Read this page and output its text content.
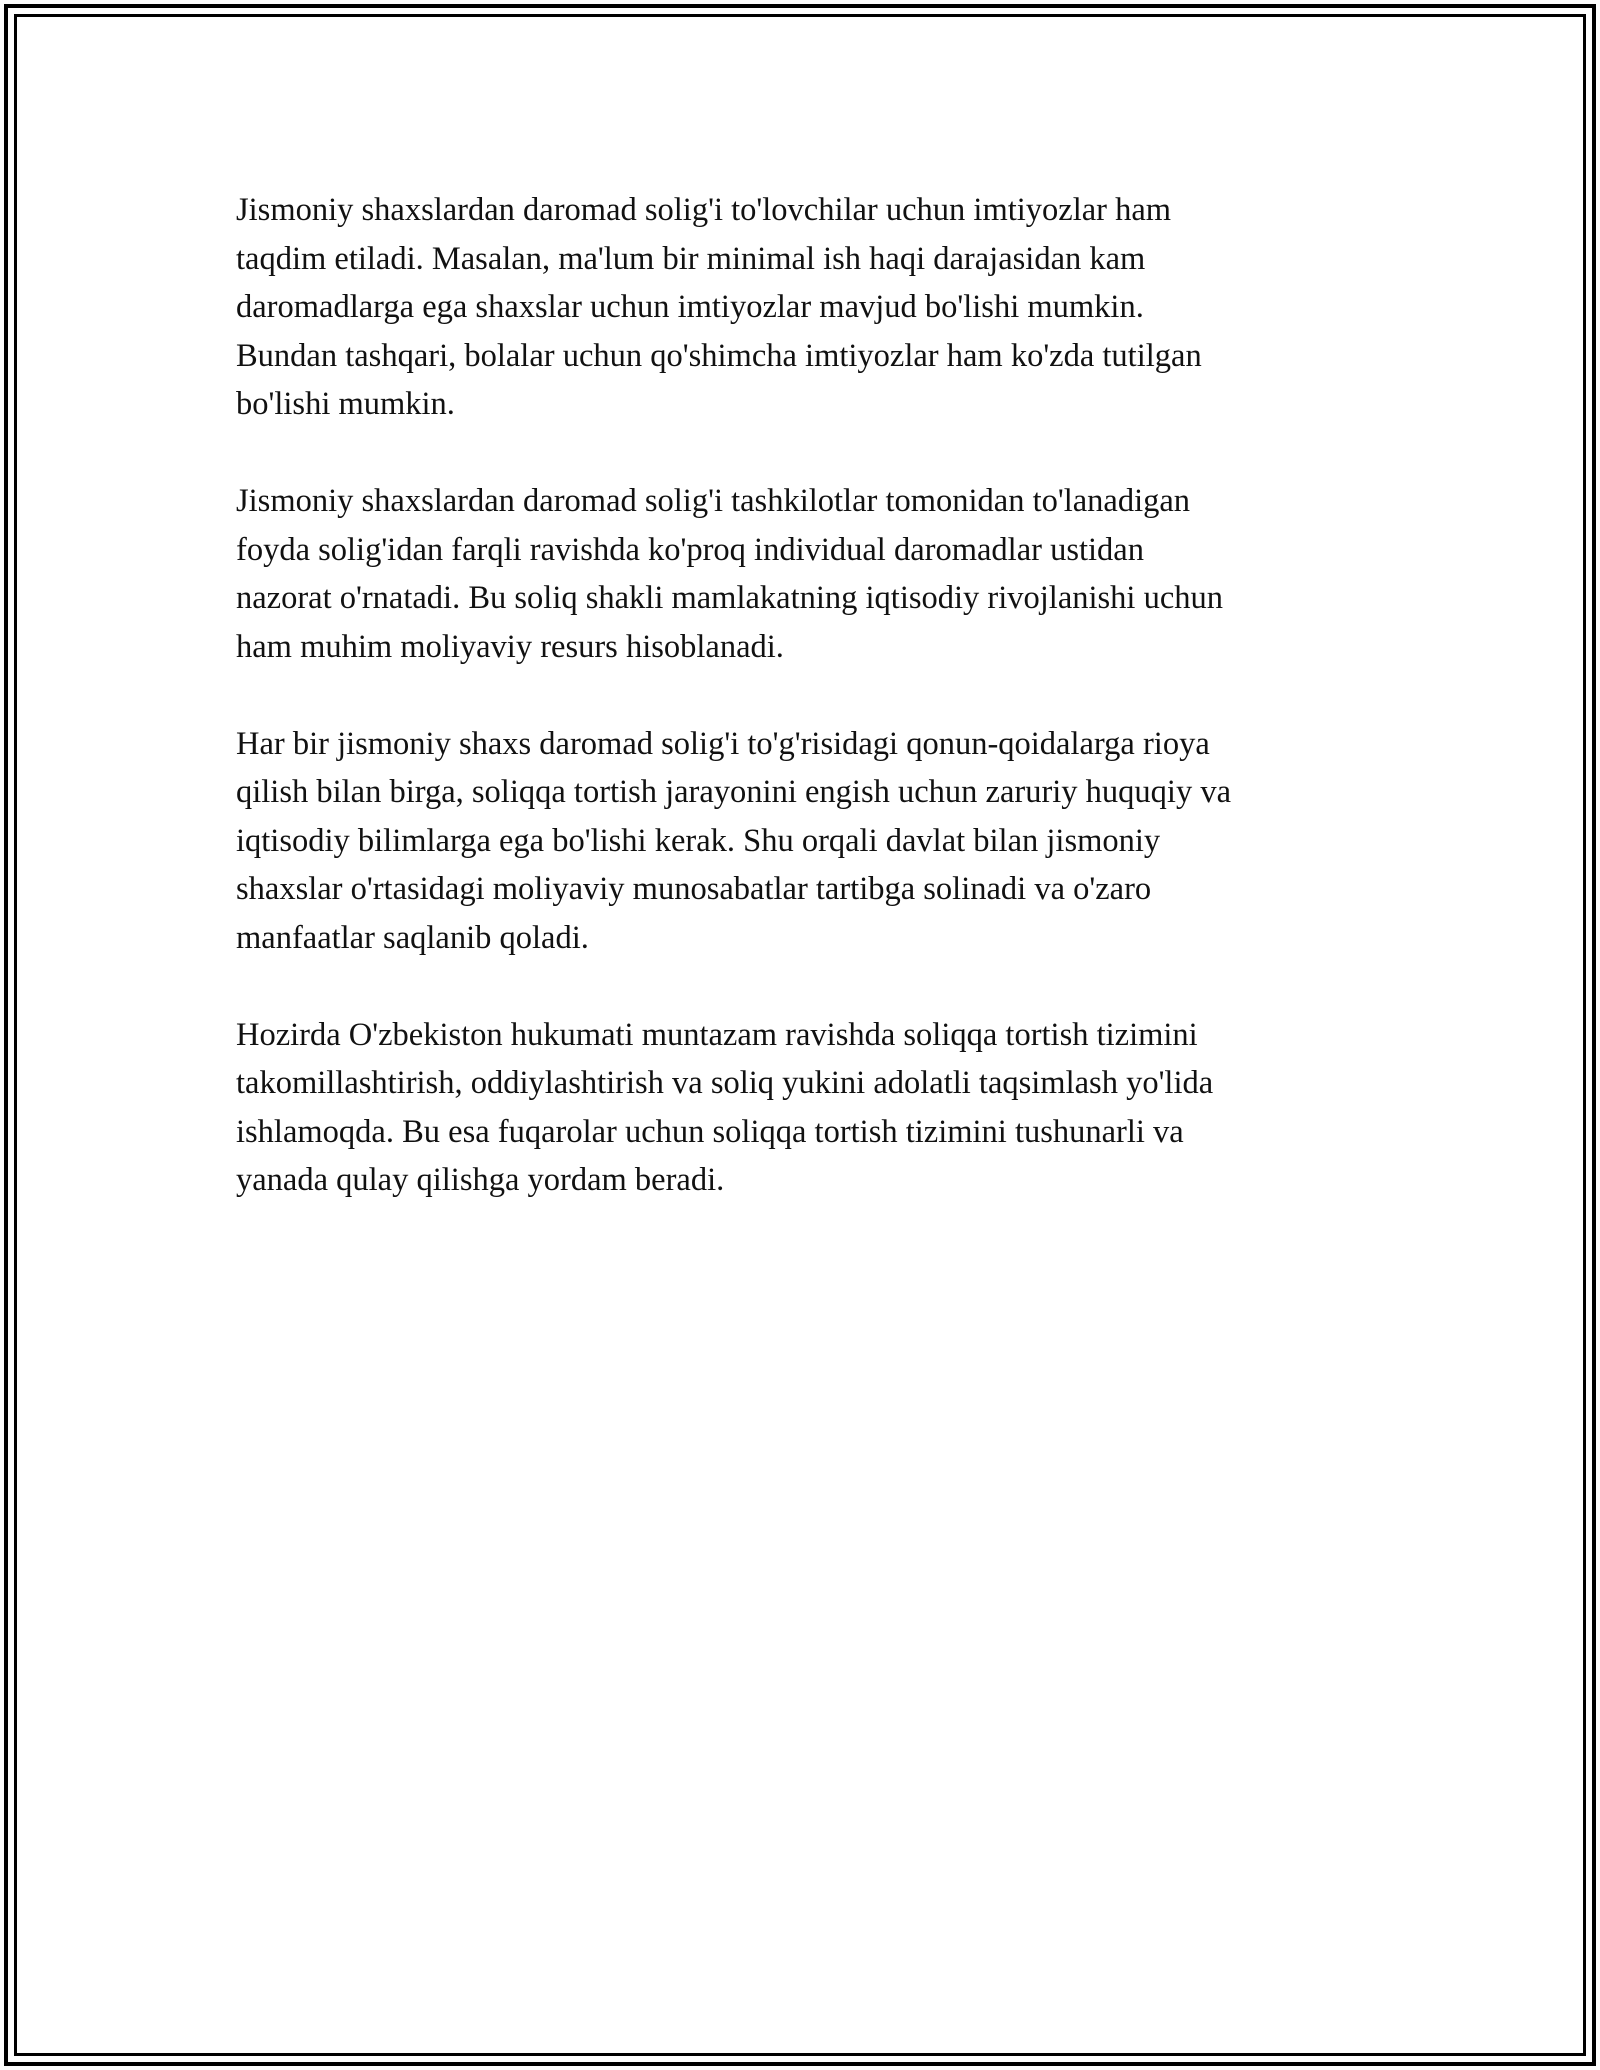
Jismoniy shaxslardan daromad solig'i to'lovchilar uchun imtiyozlar ham
taqdim etiladi. Masalan, ma'lum bir minimal ish haqi darajasidan kam
daromadlarga ega shaxslar uchun imtiyozlar mavjud bo'lishi mumkin.
Bundan tashqari, bolalar uchun qo'shimcha imtiyozlar ham ko'zda tutilgan
bo'lishi mumkin.

Jismoniy shaxslardan daromad solig'i tashkilotlar tomonidan to'lanadigan
foyda solig'idan farqli ravishda ko'proq individual daromadlar ustidan
nazorat o'rnatadi. Bu soliq shakli mamlakatning iqtisodiy rivojlanishi uchun
ham muhim moliyaviy resurs hisoblanadi.

Har bir jismoniy shaxs daromad solig'i to'g'risidagi qonun-qoidalarga rioya
qilish bilan birga, soliqqa tortish jarayonini engish uchun zaruriy huquqiy va
iqtisodiy bilimlarga ega bo'lishi kerak. Shu orqali davlat bilan jismoniy
shaxslar o'rtasidagi moliyaviy munosabatlar tartibga solinadi va o'zaro
manfaatlar saqlanib qoladi.

Hozirda O'zbekiston hukumati muntazam ravishda soliqqa tortish tizimini
takomillashtirish, oddiylashtirish va soliq yukini adolatli taqsimlash yo'lida
ishlamoqda. Bu esa fuqarolar uchun soliqqa tortish tizimini tushunarli va
yanada qulay qilishga yordam beradi.
